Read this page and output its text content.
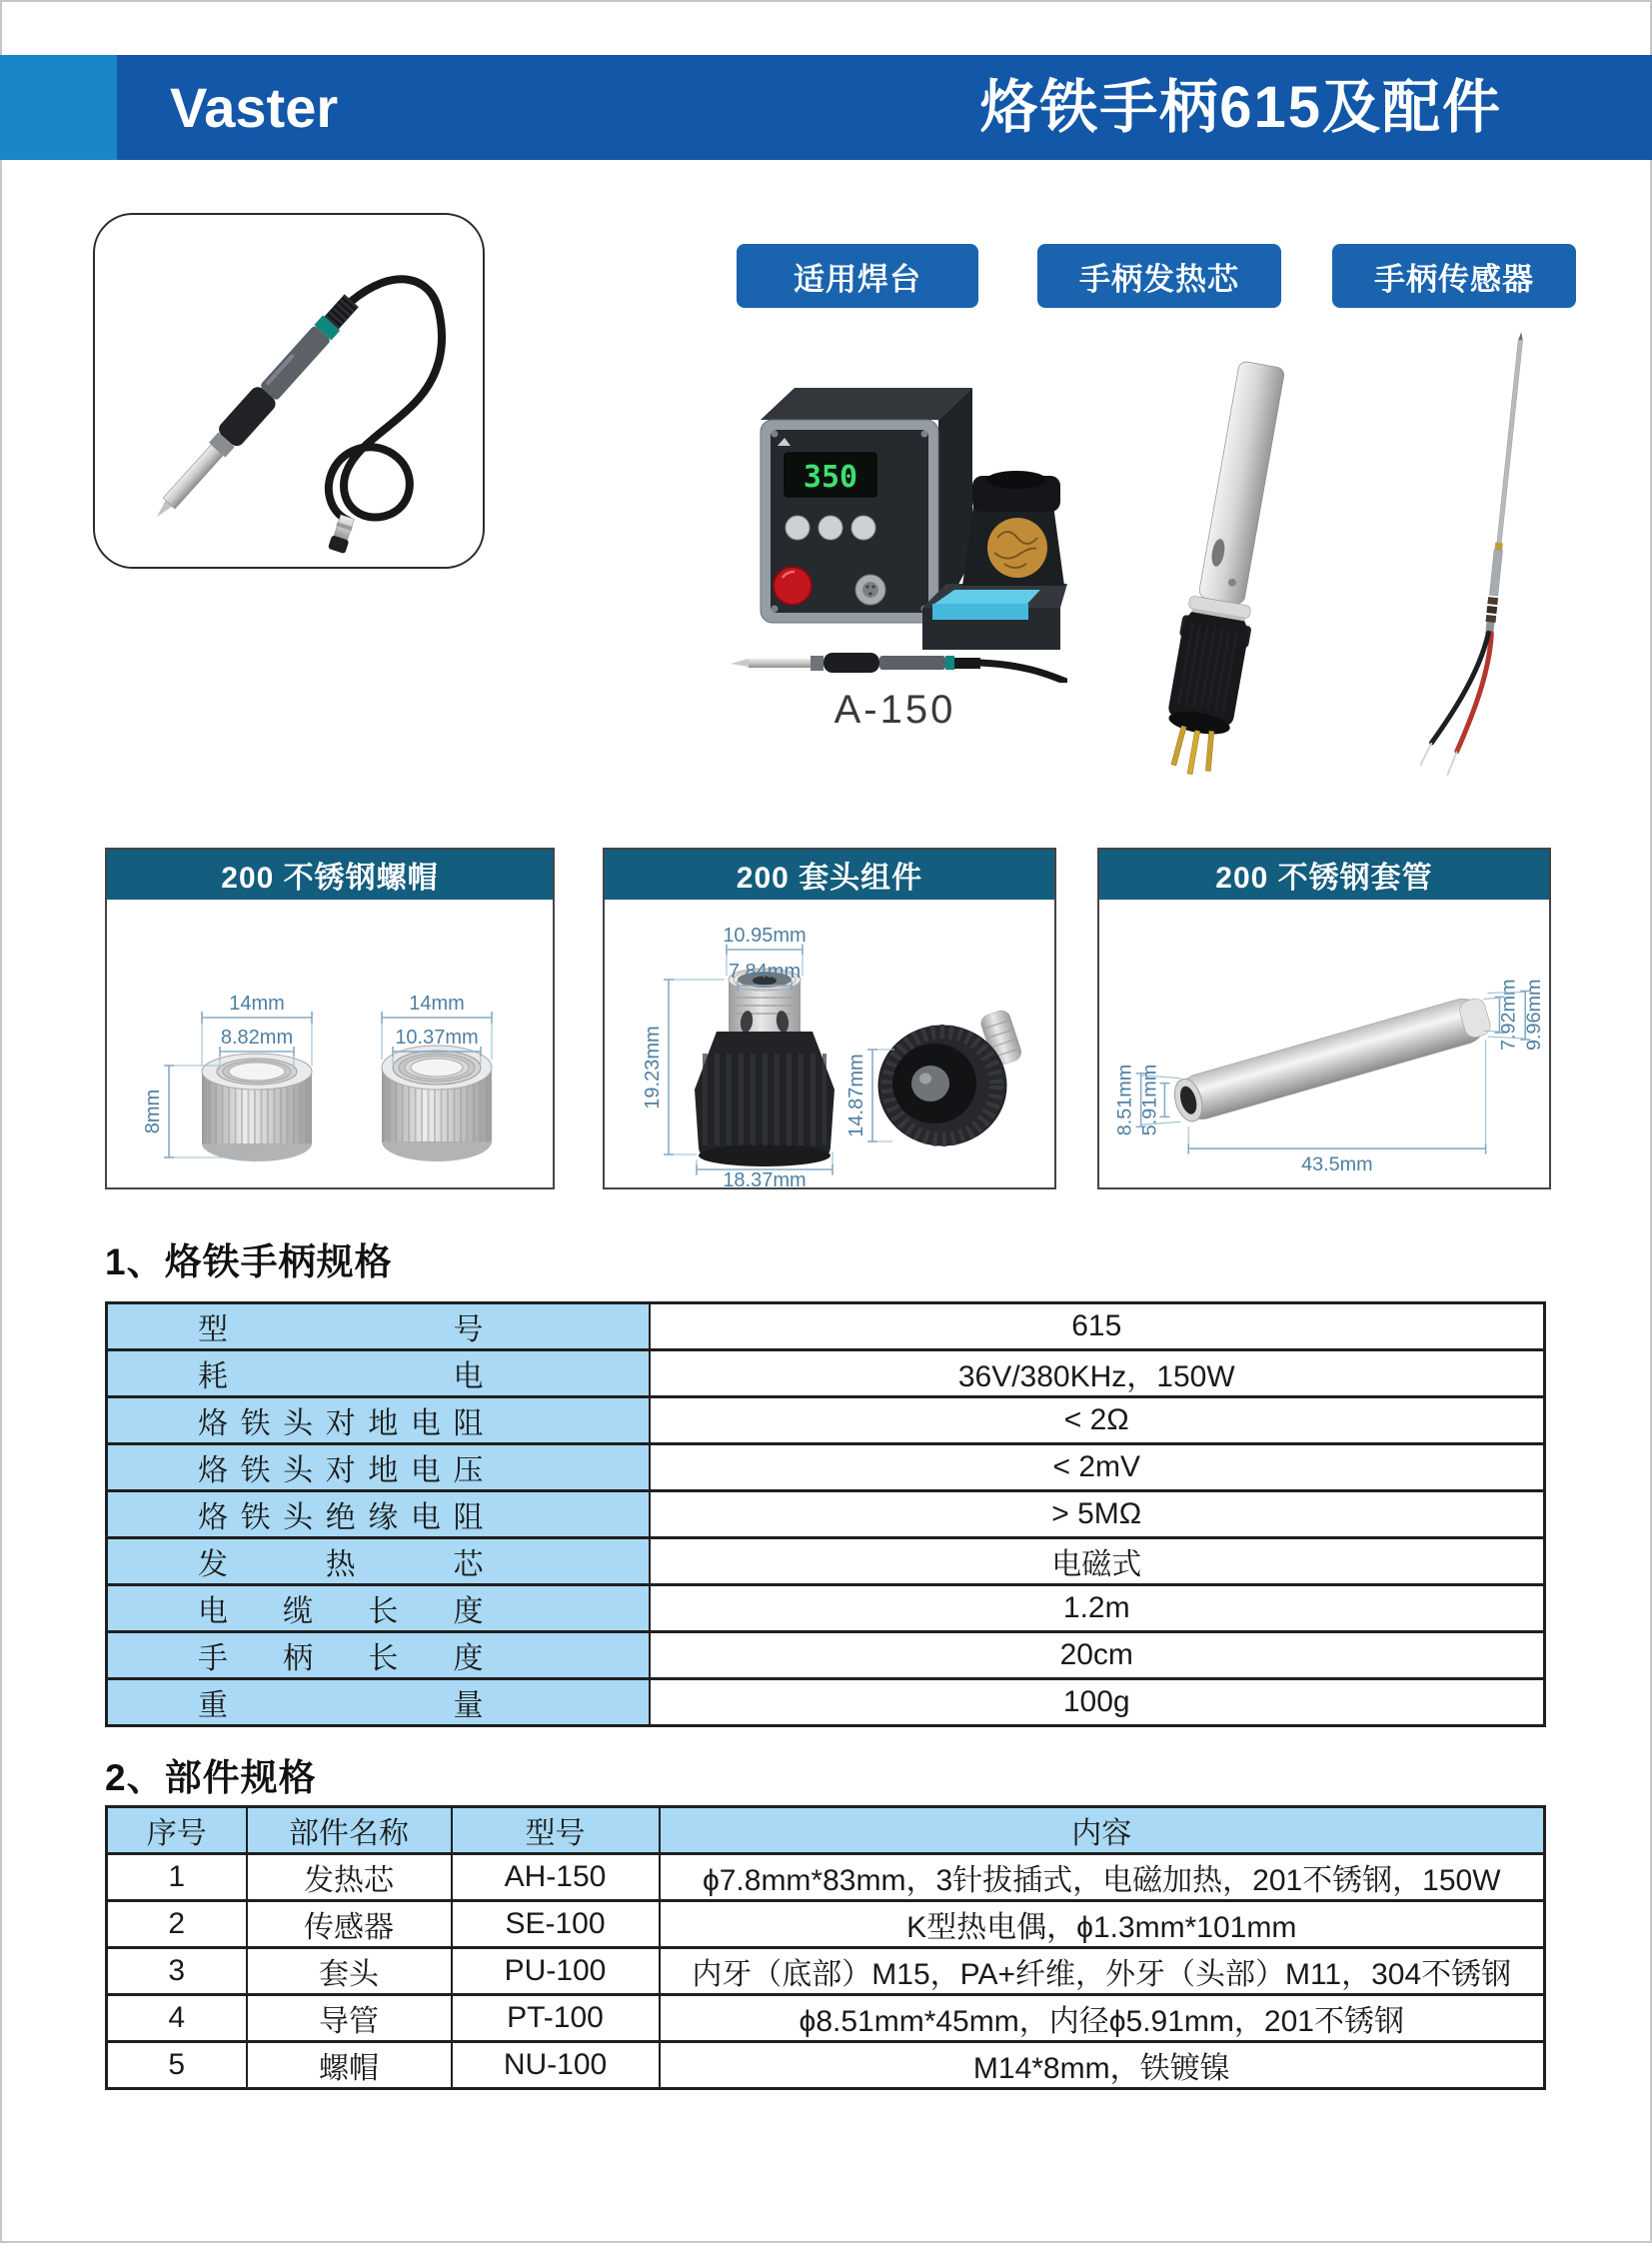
Vaster	烙铁手柄615及配件
适用焊台	手柄发热芯	手柄传感器
350
A-150
200 不锈钢螺帽
14mm
8.82mm
8mm
14mm
10.37mm
200 套头组件
10.95mm
7.84mm
19.23mm
18.37mm
14.87mm
200 不锈钢套管
8.51mm 5.91mm
7.92mm 9.96mm
43.5mm
1、烙铁手柄规格
型 号	615

耗 电	36V/380KHz，150W

烙 铁 头 对 地 电 阻	< 2Ω

烙 铁 头 对 地 电 压	< 2mV

烙 铁 头 绝 缘 电 阻	> 5MΩ

发 热 芯	电磁式

电 缆 长 度	1.2m

手 柄 长 度	20cm

重 量	100g
2、部件规格
序号	部件名称	型号	内容
1	发热芯	AH-150	ϕ7.8mm*83mm，3针拔插式，电磁加热，201不锈钢，150W
2	传感器	SE-100	K型热电偶，ϕ1.3mm*101mm
3	套头	PU-100	内牙（底部）M15，PA+纤维，外牙（头部）M11，304不锈钢
4	导管	PT-100	ϕ8.51mm*45mm，内径ϕ5.91mm，201不锈钢
5	螺帽	NU-100	M14*8mm，铁镀镍
